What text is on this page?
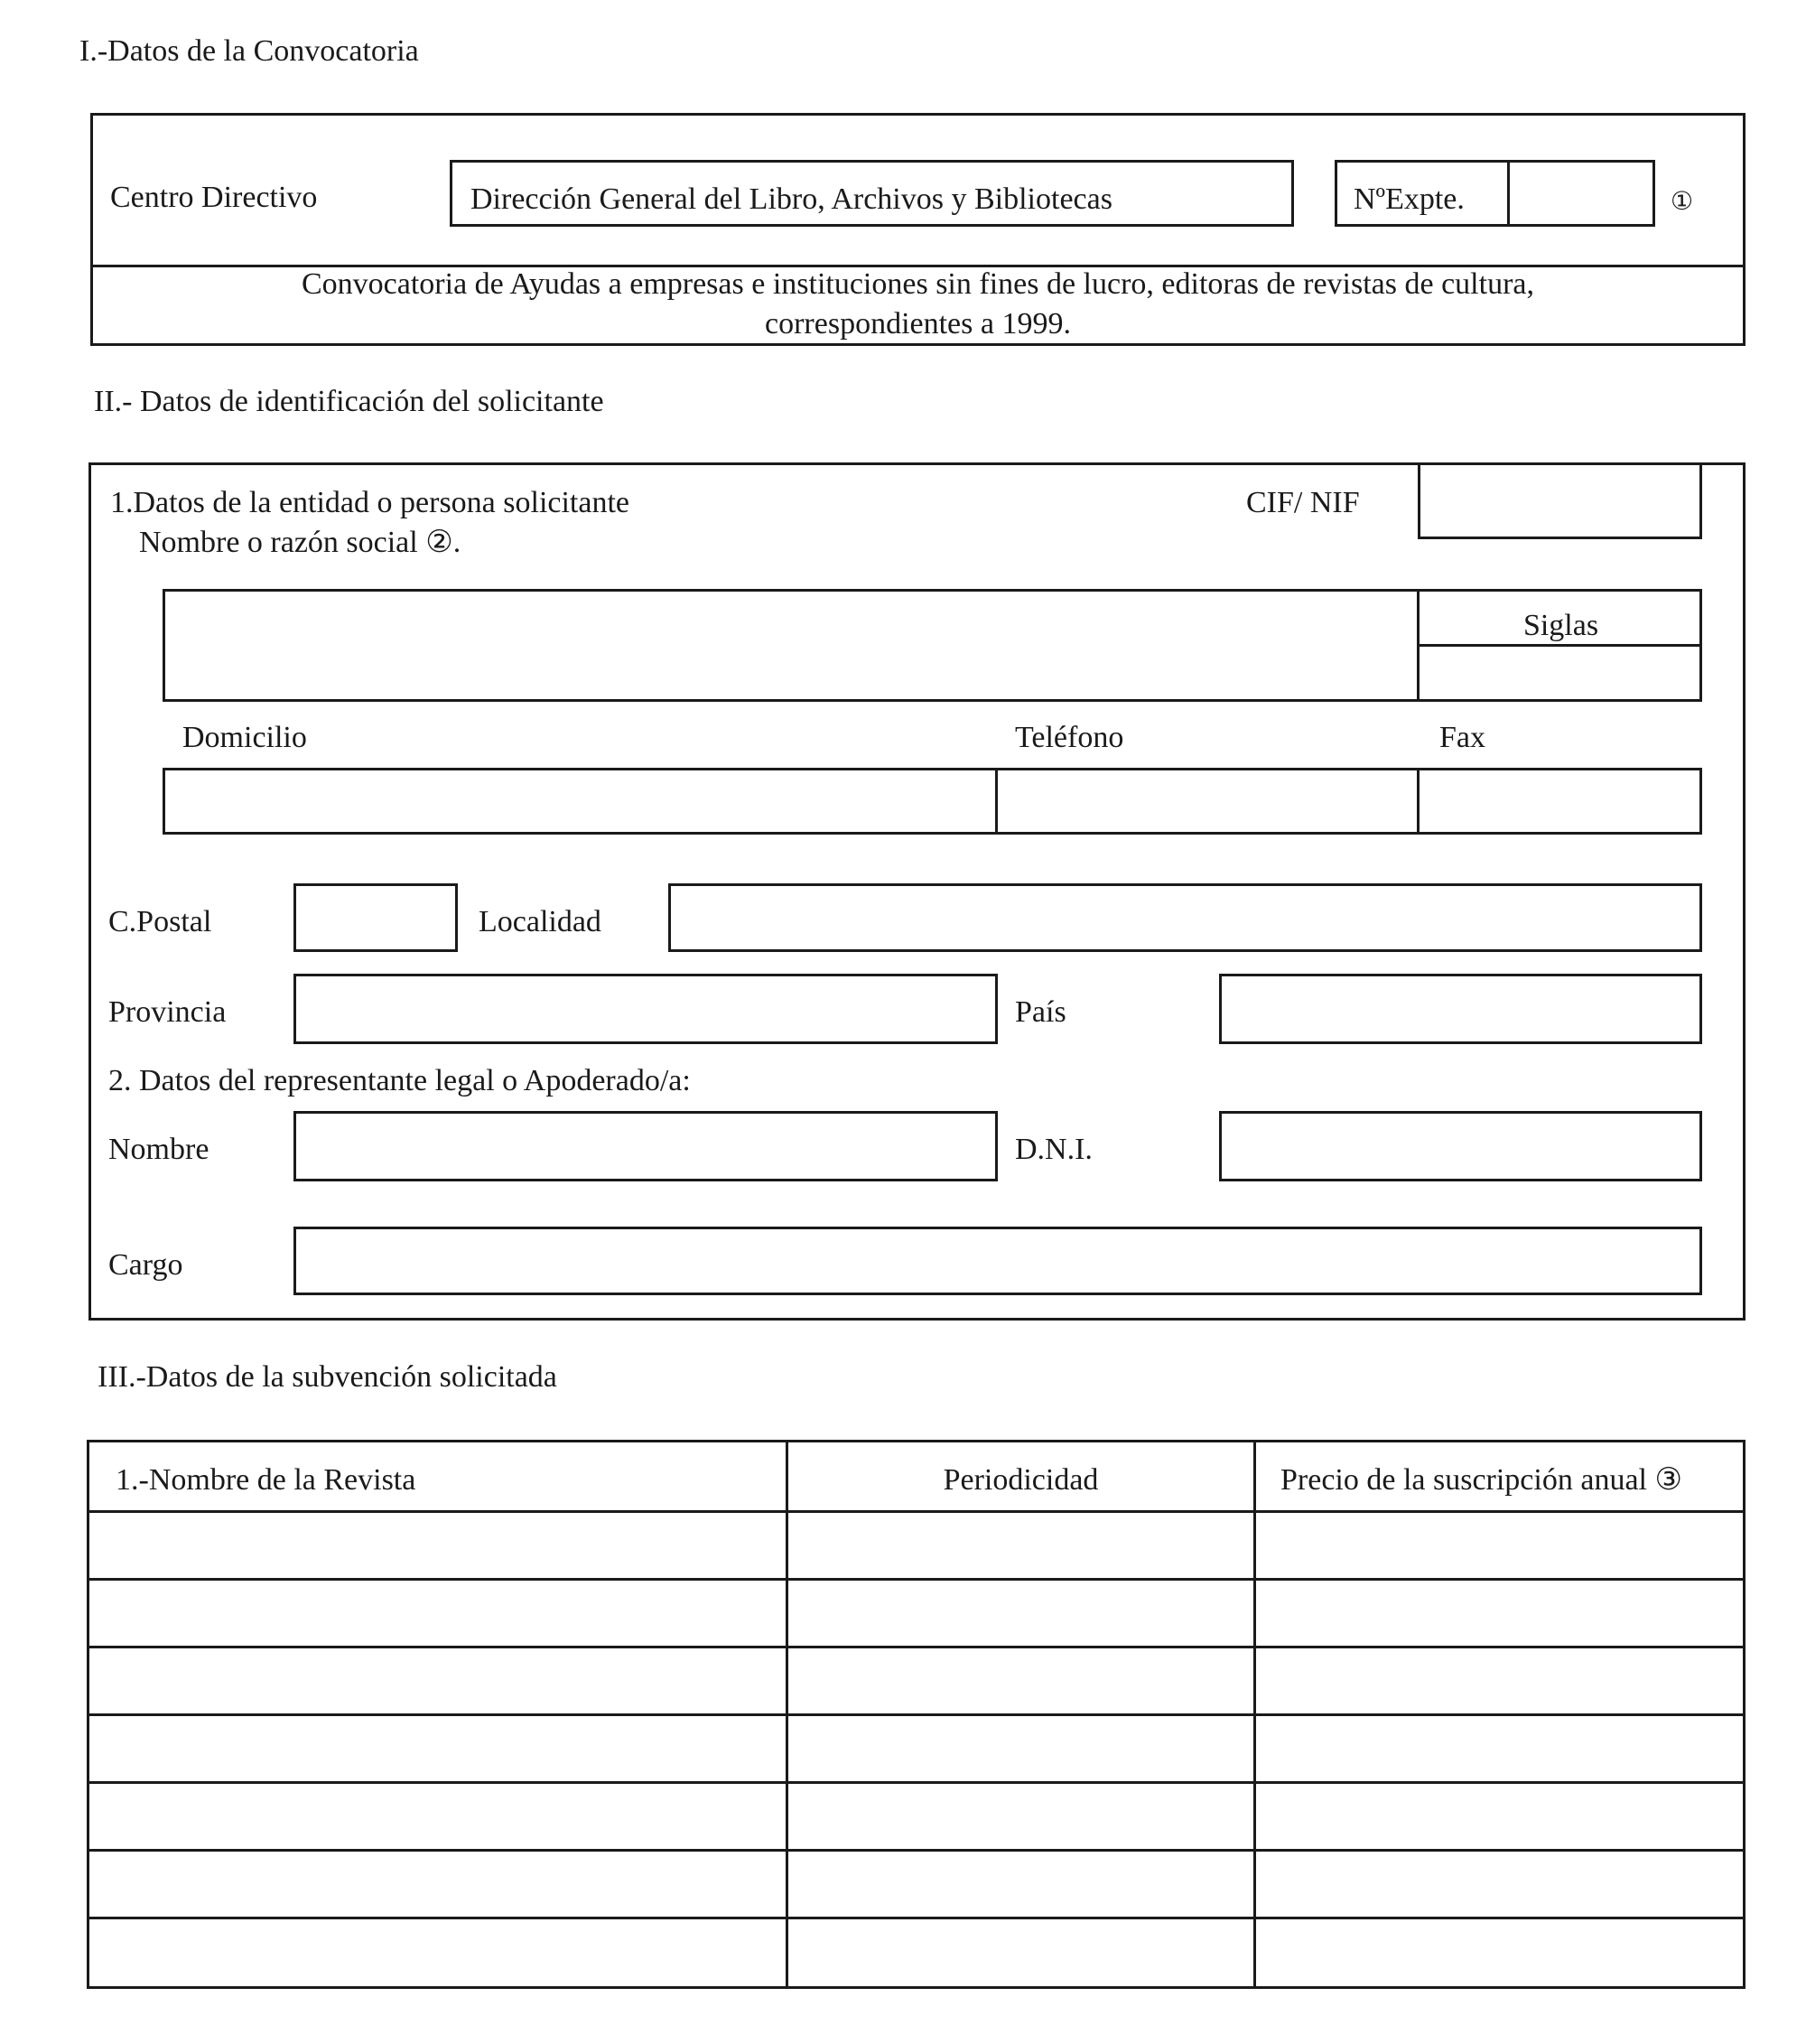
I.-Datos de la Convocatoria
Centro Directivo	Dirección General del Libro, Archivos y Bibliotecas	NºExpte.	①
Convocatoria de Ayudas a empresas e instituciones sin fines de lucro, editoras de revistas de cultura,
correspondientes a 1999.
II.- Datos de identificación del solicitante
1.Datos de la entidad o persona solicitante
Nombre o razón social ②.
CIF/ NIF
Siglas
Domicilio	Teléfono	Fax
C.Postal	Localidad
Provincia	País
2. Datos del representante legal o Apoderado/a:
Nombre	D.N.I.
Cargo
III.-Datos de la subvención solicitada
1.-Nombre de la Revista	Periodicidad	Precio de la suscripción anual ③
